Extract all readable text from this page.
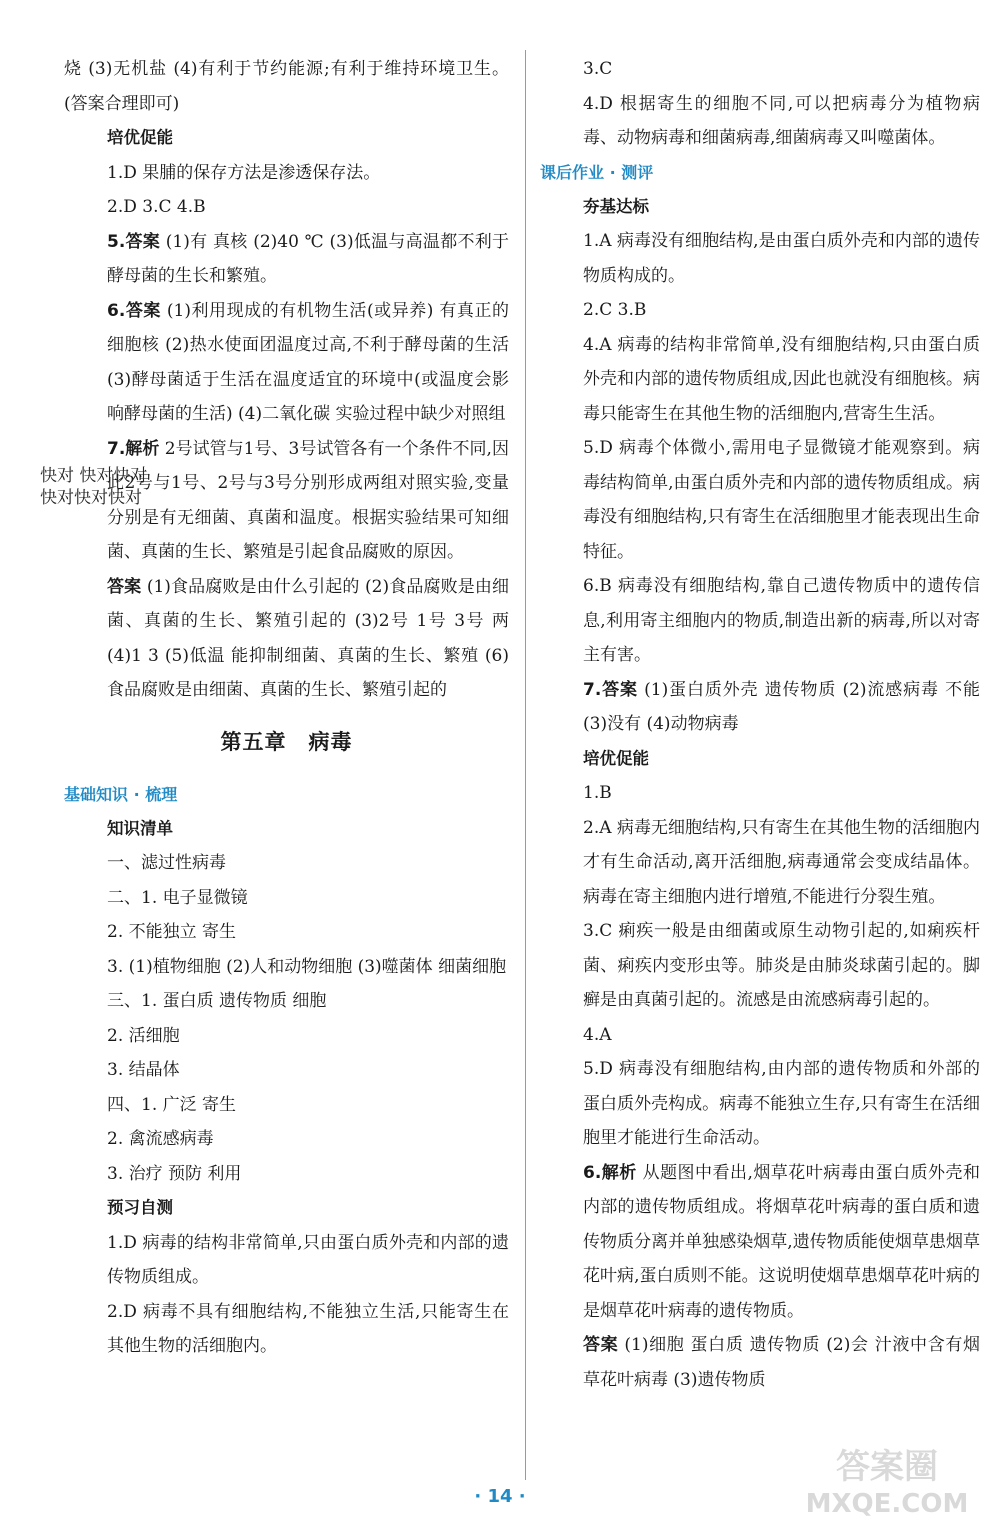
烧 (3)无机盐 (4)有利于节约能源;有利于维持环境卫生。(答案合理即可)

培优促能

1.D 果脯的保存方法是渗透保存法。

2.D 3.C 4.B

5.答案 (1)有 真核 (2)40 ℃ (3)低温与高温都不利于酵母菌的生长和繁殖。

6.答案 (1)利用现成的有机物生活(或异养) 有真正的细胞核 (2)热水使面团温度过高,不利于酵母菌的生活 (3)酵母菌适于生活在温度适宜的环境中(或温度会影响酵母菌的生活) (4)二氧化碳 实验过程中缺少对照组

7.解析 2号试管与1号、3号试管各有一个条件不同,因此2号与1号、2号与3号分别形成两组对照实验,变量分别是有无细菌、真菌和温度。根据实验结果可知细菌、真菌的生长、繁殖是引起食品腐败的原因。

答案 (1)食品腐败是由什么引起的 (2)食品腐败是由细菌、真菌的生长、繁殖引起的 (3)2号 1号 3号 两 (4)1 3 (5)低温 能抑制细菌、真菌的生长、繁殖 (6)食品腐败是由细菌、真菌的生长、繁殖引起的

第五章 病毒

基础知识 · 梳理

知识清单

一、滤过性病毒

二、1. 电子显微镜

2. 不能独立 寄生

3. (1)植物细胞 (2)人和动物细胞 (3)噬菌体 细菌细胞

三、1. 蛋白质 遗传物质 细胞

2. 活细胞

3. 结晶体

四、1. 广泛 寄生

2. 禽流感病毒

3. 治疗 预防 利用

预习自测

1.D 病毒的结构非常简单,只由蛋白质外壳和内部的遗传物质组成。

2.D 病毒不具有细胞结构,不能独立生活,只能寄生在其他生物的活细胞内。

3.C

4.D 根据寄生的细胞不同,可以把病毒分为植物病毒、动物病毒和细菌病毒,细菌病毒又叫噬菌体。

课后作业 · 测评

夯基达标

1.A 病毒没有细胞结构,是由蛋白质外壳和内部的遗传物质构成的。

2.C 3.B

4.A 病毒的结构非常简单,没有细胞结构,只由蛋白质外壳和内部的遗传物质组成,因此也就没有细胞核。病毒只能寄生在其他生物的活细胞内,营寄生生活。

5.D 病毒个体微小,需用电子显微镜才能观察到。病毒结构简单,由蛋白质外壳和内部的遗传物质组成。病毒没有细胞结构,只有寄生在活细胞里才能表现出生命特征。

6.B 病毒没有细胞结构,靠自己遗传物质中的遗传信息,利用寄主细胞内的物质,制造出新的病毒,所以对寄主有害。

7.答案 (1)蛋白质外壳 遗传物质 (2)流感病毒 不能 (3)没有 (4)动物病毒

培优促能

1.B

2.A 病毒无细胞结构,只有寄生在其他生物的活细胞内才有生命活动,离开活细胞,病毒通常会变成结晶体。病毒在寄主细胞内进行增殖,不能进行分裂生殖。

3.C 痢疾一般是由细菌或原生动物引起的,如痢疾杆菌、痢疾内变形虫等。肺炎是由肺炎球菌引起的。脚癣是由真菌引起的。流感是由流感病毒引起的。

4.A

5.D 病毒没有细胞结构,由内部的遗传物质和外部的蛋白质外壳构成。病毒不能独立生存,只有寄生在活细胞里才能进行生命活动。

6.解析 从题图中看出,烟草花叶病毒由蛋白质外壳和内部的遗传物质组成。将烟草花叶病毒的蛋白质和遗传物质分离并单独感染烟草,遗传物质能使烟草患烟草花叶病,蛋白质则不能。这说明使烟草患烟草花叶病的是烟草花叶病毒的遗传物质。

答案 (1)细胞 蛋白质 遗传物质 (2)会 汁液中含有烟草花叶病毒 (3)遗传物质

快对 快对快对
快对快对快对
· 14 ·
答案圈
MXQE.COM
